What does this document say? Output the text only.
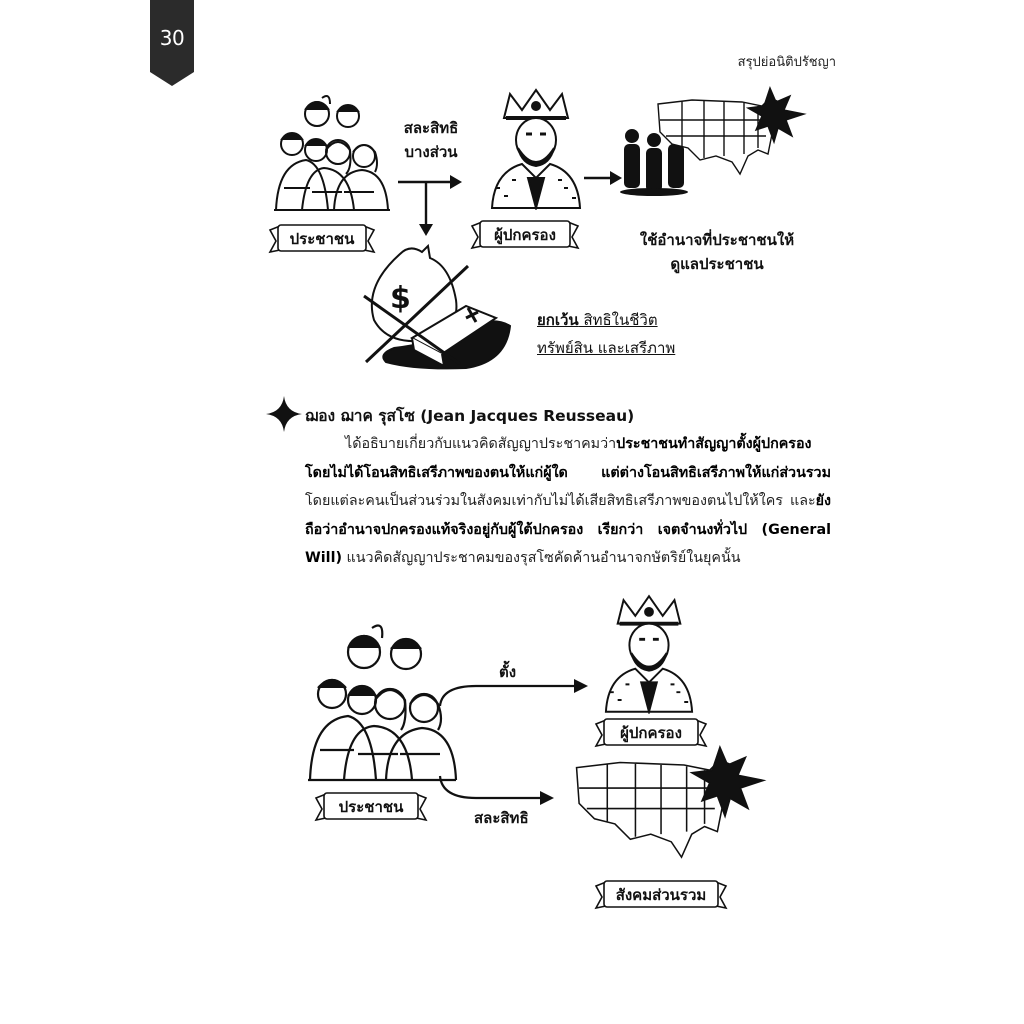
30
สรุปย่อนิติปรัชญา
ประชาชน
สละสิทธิ
บางส่วน
ผู้ปกครอง	ใช้อำนาจที่ประชาชนให้
ดูแลประชาชน
$
ยกเว้น สิทธิในชีวิต
ทรัพย์สิน และเสรีภาพ
ฌอง ฌาค รุสโซ (Jean Jacques Reusseau)
ได้อธิบายเกี่ยวกับแนวคิดสัญญาประชาคมว่าประชาชนทำสัญญาตั้งผู้ปกครองโดยไม่ได้โอนสิทธิเสรีภาพของตนให้แก่ผู้ใด แต่ต่างโอนสิทธิเสรีภาพให้แก่ส่วนรวม โดยแต่ละคนเป็นส่วนร่วมในสังคมเท่ากับไม่ได้เสียสิทธิเสรีภาพของตนไปให้ใคร และยังถือว่าอำนาจปกครองแท้จริงอยู่กับผู้ใต้ปกครอง เรียกว่า เจตจำนงทั่วไป (General Will) แนวคิดสัญญาประชาคมของรุสโซคัดค้านอำนาจกษัตริย์ในยุคนั้น
ประชาชน
ตั้ง
สละสิทธิ
ผู้ปกครอง
สังคมส่วนรวม
